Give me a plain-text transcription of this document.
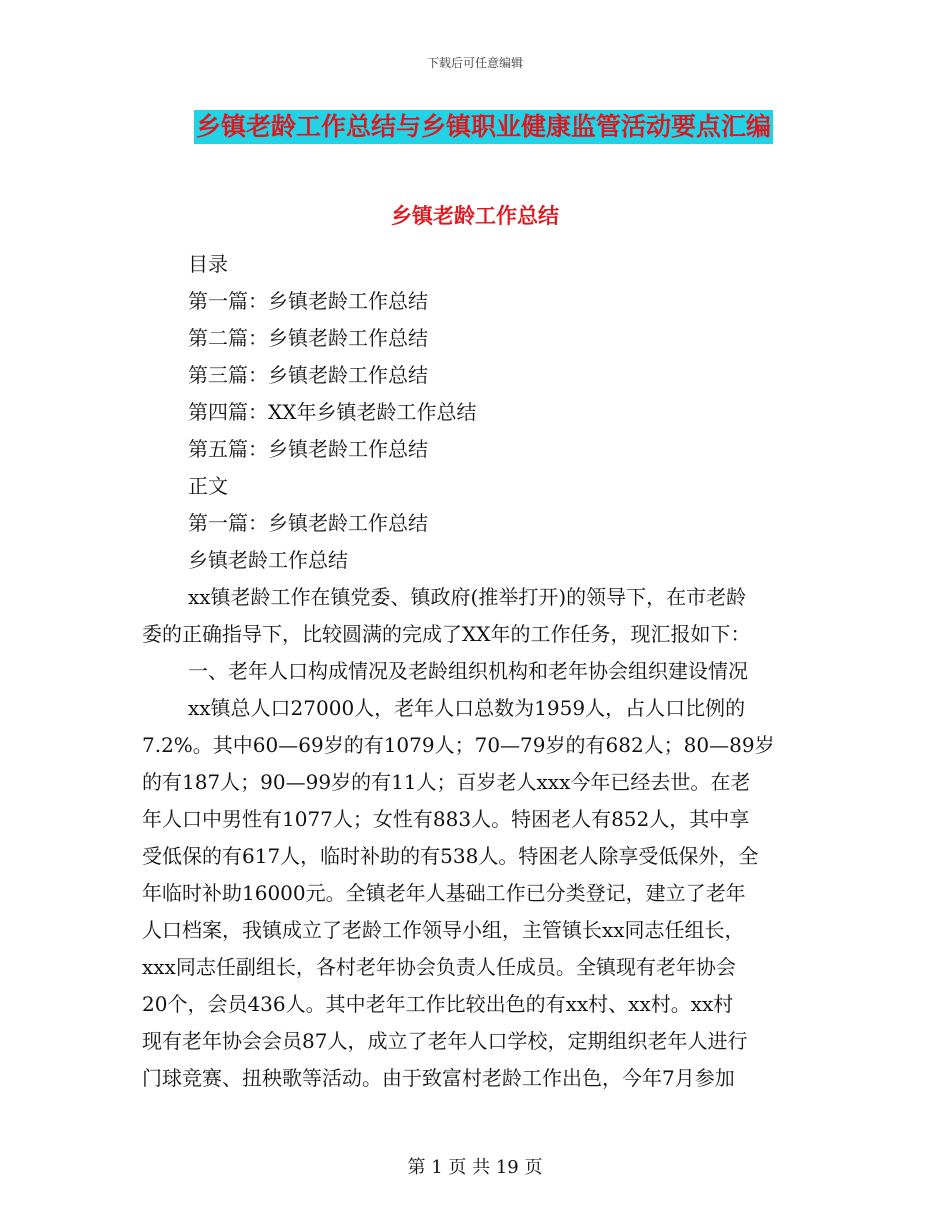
下载后可任意编辑
乡镇老龄工作总结与乡镇职业健康监管活动要点汇编
乡镇老龄工作总结
目录
第一篇：乡镇老龄工作总结
第二篇：乡镇老龄工作总结
第三篇：乡镇老龄工作总结
第四篇：XX年乡镇老龄工作总结
第五篇：乡镇老龄工作总结
正文
第一篇：乡镇老龄工作总结
乡镇老龄工作总结
xx镇老龄工作在镇党委、镇政府(推举打开)的领导下，在市老龄
委的正确指导下，比较圆满的完成了XX年的工作任务，现汇报如下：
一、老年人口构成情况及老龄组织机构和老年协会组织建设情况
xx镇总人口27000人，老年人口总数为1959人，占人口比例的
7.2%。其中60—69岁的有1079人；70—79岁的有682人；80—89岁
的有187人；90—99岁的有11人；百岁老人xxx今年已经去世。在老
年人口中男性有1077人；女性有883人。特困老人有852人，其中享
受低保的有617人，临时补助的有538人。特困老人除享受低保外，全
年临时补助16000元。全镇老年人基础工作已分类登记，建立了老年
人口档案，我镇成立了老龄工作领导小组，主管镇长xx同志任组长，
xxx同志任副组长，各村老年协会负责人任成员。全镇现有老年协会
20个，会员436人。其中老年工作比较出色的有xx村、xx村。xx村
现有老年协会会员87人，成立了老年人口学校，定期组织老年人进行
门球竞赛、扭秧歌等活动。由于致富村老龄工作出色，今年7月参加
第 1 页 共 19 页
